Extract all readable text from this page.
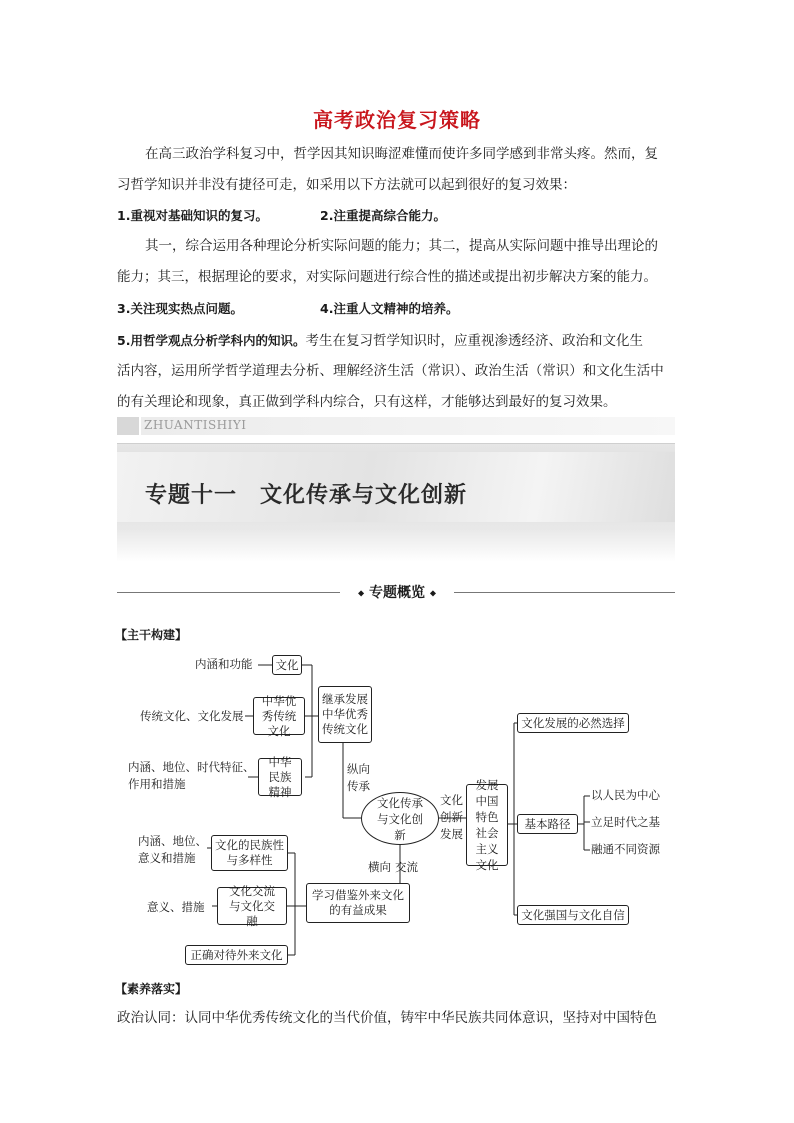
高考政治复习策略
在高三政治学科复习中，哲学因其知识晦涩难懂而使许多同学感到非常头疼。然而，复
习哲学知识并非没有捷径可走，如采用以下方法就可以起到很好的复习效果：
1.重视对基础知识的复习。	2.注重提高综合能力。
其一，综合运用各种理论分析实际问题的能力；其二，提高从实际问题中推导出理论的
能力；其三，根据理论的要求，对实际问题进行综合性的描述或提出初步解决方案的能力。
3.关注现实热点问题。	4.注重人文精神的培养。
5.用哲学观点分析学科内的知识。考生在复习哲学知识时，应重视渗透经济、政治和文化生
活内容，运用所学哲学道理去分析、理解经济生活（常识）、政治生活（常识）和文化生活中
的有关理论和现象，真正做到学科内综合，只有这样，才能够达到最好的复习效果。
ZHUANTISHIYI
专题十一　文化传承与文化创新
◆ 专题概览 ◆
【主干构建】
内涵和功能	文化
传统文化、文化发展
中华优秀传统文化
内涵、地位、时代特征、
作用和措施
中华民族精神
继承发展中华优秀传统文化
纵向
传承
文化传承与文化创新
文化
创新
发展
发展中国特色社会主义文化
文化发展的必然选择
基本路径
以人民为中心
立足时代之基
融通不同资源
文化强国与文化自信
内涵、地位、
意义和措施
文化的民族性与多样性	横向 交流
意义、措施
文化交流与文化交融
学习借鉴外来文化的有益成果
正确对待外来文化
【素养落实】
政治认同：认同中华优秀传统文化的当代价值，铸牢中华民族共同体意识，坚持对中国特色
